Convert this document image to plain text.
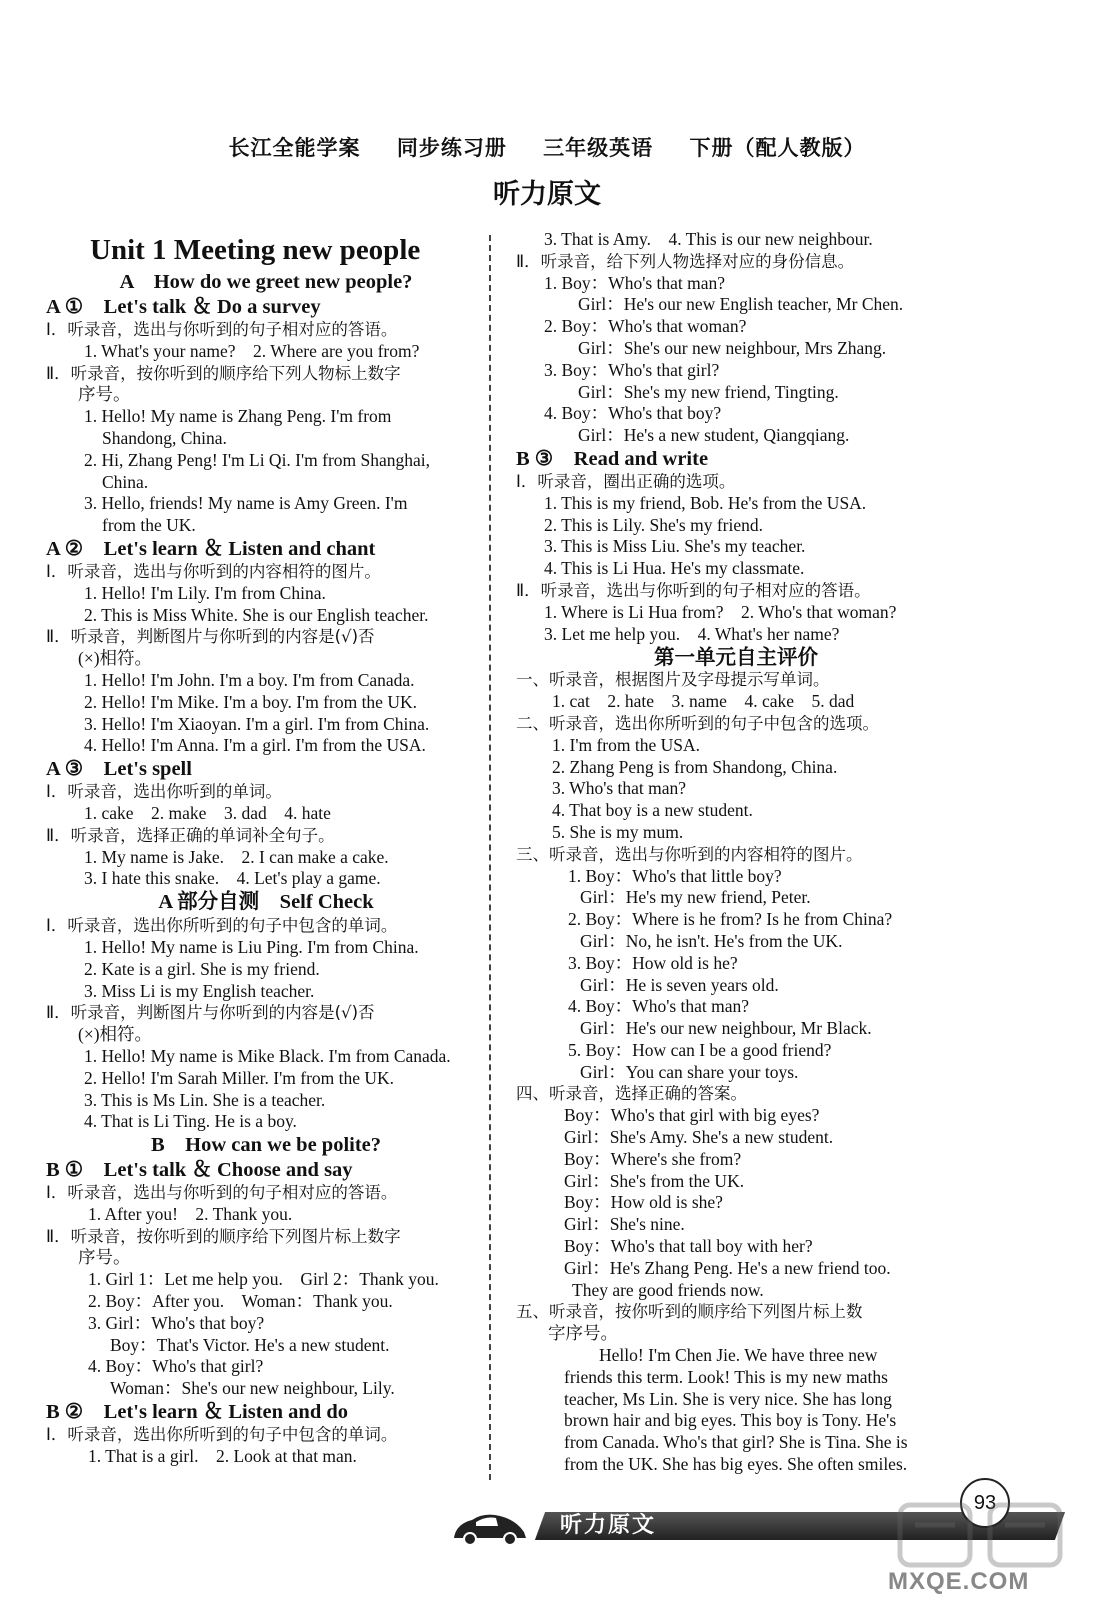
长江全能学案 同步练习册 三年级英语 下册（配人教版）
听力原文
Unit 1 Meeting new people
A　How do we greet new people?
A ①　Let's talk ＆ Do a survey
Ⅰ．听录音，选出与你听到的句子相对应的答语。
1. What's your name?　2. Where are you from?
Ⅱ．听录音，按你听到的顺序给下列人物标上数字
序号。
1. Hello! My name is Zhang Peng. I'm from
Shandong, China.
2. Hi, Zhang Peng! I'm Li Qi. I'm from Shanghai,
China.
3. Hello, friends! My name is Amy Green. I'm
from the UK.
A ②　Let's learn ＆ Listen and chant
Ⅰ．听录音，选出与你听到的内容相符的图片。
1. Hello! I'm Lily. I'm from China.
2. This is Miss White. She is our English teacher.
Ⅱ．听录音，判断图片与你听到的内容是(√)否
(×)相符。
1. Hello! I'm John. I'm a boy. I'm from Canada.
2. Hello! I'm Mike. I'm a boy. I'm from the UK.
3. Hello! I'm Xiaoyan. I'm a girl. I'm from China.
4. Hello! I'm Anna. I'm a girl. I'm from the USA.
A ③　Let's spell
Ⅰ．听录音，选出你听到的单词。
1. cake　2. make　3. dad　4. hate
Ⅱ．听录音，选择正确的单词补全句子。
1. My name is Jake.　2. I can make a cake.
3. I hate this snake.　4. Let's play a game.
A 部分自测　Self Check
Ⅰ．听录音，选出你所听到的句子中包含的单词。
1. Hello! My name is Liu Ping. I'm from China.
2. Kate is a girl. She is my friend.
3. Miss Li is my English teacher.
Ⅱ．听录音，判断图片与你听到的内容是(√)否
(×)相符。
1. Hello! My name is Mike Black. I'm from Canada.
2. Hello! I'm Sarah Miller. I'm from the UK.
3. This is Ms Lin. She is a teacher.
4. That is Li Ting. He is a boy.
B　How can we be polite?
B ①　Let's talk ＆ Choose and say
Ⅰ．听录音，选出与你听到的句子相对应的答语。
1. After you!　2. Thank you.
Ⅱ．听录音，按你听到的顺序给下列图片标上数字
序号。
1. Girl 1：Let me help you.　Girl 2：Thank you.
2. Boy：After you.　Woman：Thank you.
3. Girl：Who's that boy?
Boy：That's Victor. He's a new student.
4. Boy：Who's that girl?
Woman：She's our new neighbour, Lily.
B ②　Let's learn ＆ Listen and do
Ⅰ．听录音，选出你所听到的句子中包含的单词。
1. That is a girl.　2. Look at that man.
3. That is Amy.　4. This is our new neighbour.
Ⅱ．听录音，给下列人物选择对应的身份信息。
1. Boy：Who's that man?
Girl：He's our new English teacher, Mr Chen.
2. Boy：Who's that woman?
Girl：She's our new neighbour, Mrs Zhang.
3. Boy：Who's that girl?
Girl：She's my new friend, Tingting.
4. Boy：Who's that boy?
Girl：He's a new student, Qiangqiang.
B ③　Read and write
Ⅰ．听录音，圈出正确的选项。
1. This is my friend, Bob. He's from the USA.
2. This is Lily. She's my friend.
3. This is Miss Liu. She's my teacher.
4. This is Li Hua. He's my classmate.
Ⅱ．听录音，选出与你听到的句子相对应的答语。
1. Where is Li Hua from?　2. Who's that woman?
3. Let me help you.　4. What's her name?
第一单元自主评价
一、听录音，根据图片及字母提示写单词。
1. cat　2. hate　3. name　4. cake　5. dad
二、听录音，选出你所听到的句子中包含的选项。
1. I'm from the USA.
2. Zhang Peng is from Shandong, China.
3. Who's that man?
4. That boy is a new student.
5. She is my mum.
三、听录音，选出与你听到的内容相符的图片。
1. Boy：Who's that little boy?
Girl：He's my new friend, Peter.
2. Boy：Where is he from? Is he from China?
Girl：No, he isn't. He's from the UK.
3. Boy：How old is he?
Girl：He is seven years old.
4. Boy：Who's that man?
Girl：He's our new neighbour, Mr Black.
5. Boy：How can I be a good friend?
Girl：You can share your toys.
四、听录音，选择正确的答案。
Boy：Who's that girl with big eyes?
Girl：She's Amy. She's a new student.
Boy：Where's she from?
Girl：She's from the UK.
Boy：How old is she?
Girl：She's nine.
Boy：Who's that tall boy with her?
Girl：He's Zhang Peng. He's a new friend too.
They are good friends now.
五、听录音，按你听到的顺序给下列图片标上数
字序号。
　　Hello! I'm Chen Jie. We have three new
friends this term. Look! This is my new maths
teacher, Ms Lin. She is very nice. She has long
brown hair and big eyes. This boy is Tony. He's
from Canada. Who's that girl? She is Tina. She is
from the UK. She has big eyes. She often smiles.
听力原文
93
MXQE.COM
